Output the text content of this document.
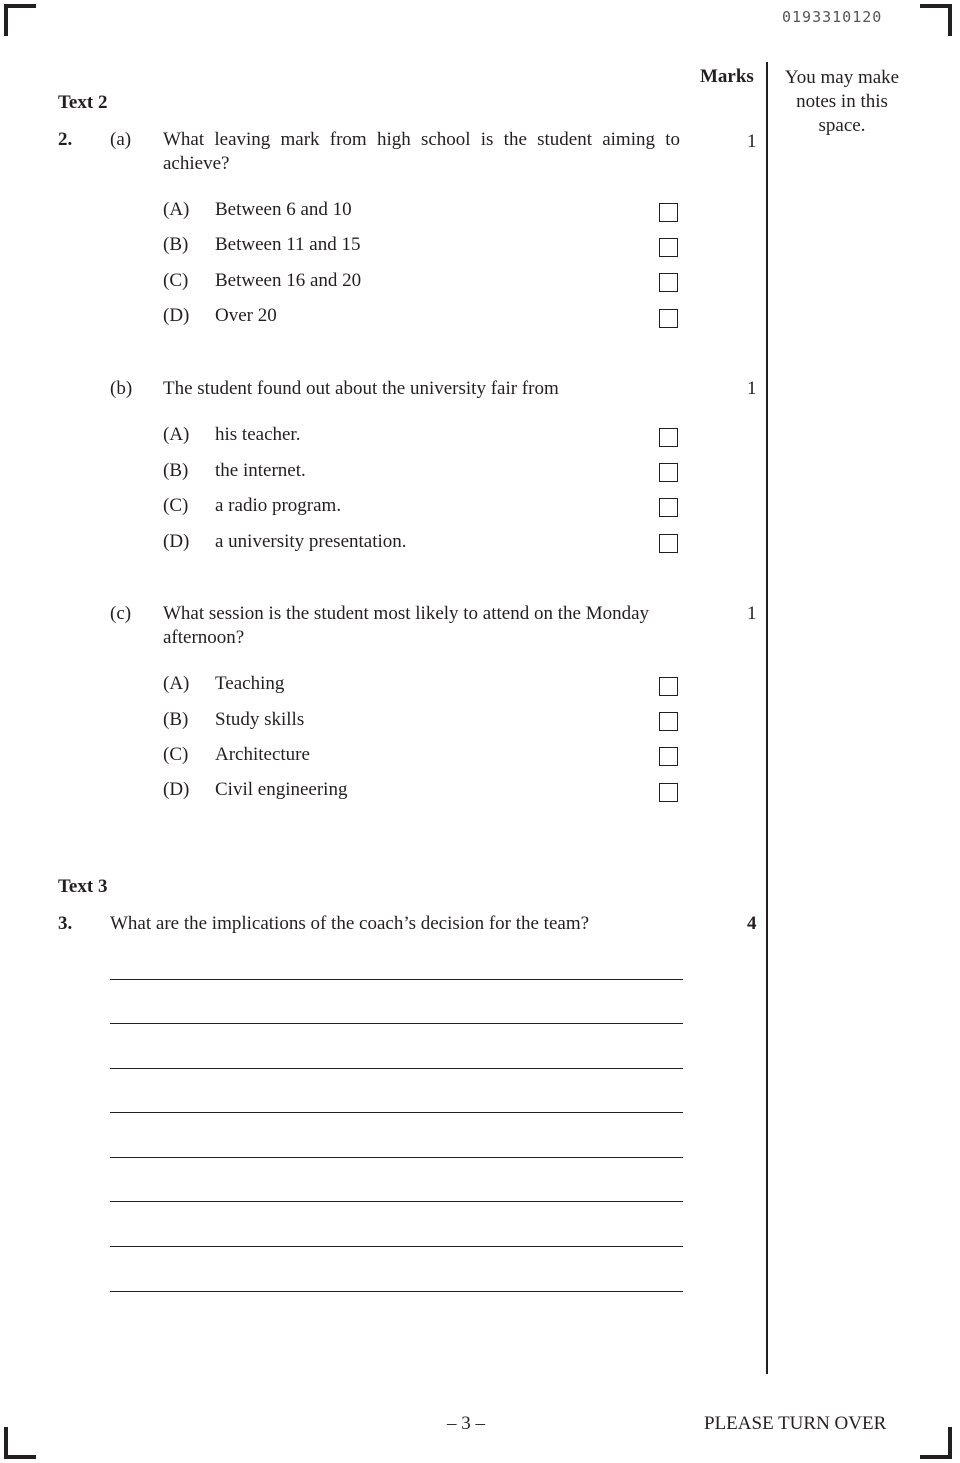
0193310120
Marks	You may make notes in this space.
Text 2
2. (a) What leaving mark from high school is the student aiming to
achieve?
1
(A) Between 6 and 10
(B) Between 11 and 15
(C) Between 16 and 20
(D) Over 20
(b) The student found out about the university fair from	1
(A) his teacher.
(B) the internet.
(C) a radio program.
(D) a university presentation.
(c) What session is the student most likely to attend on the Monday
afternoon?
1
(A) Teaching
(B) Study skills
(C) Architecture
(D) Civil engineering
Text 3
3. What are the implications of the coach’s decision for the team?	4
– 3 –	PLEASE TURN OVER
